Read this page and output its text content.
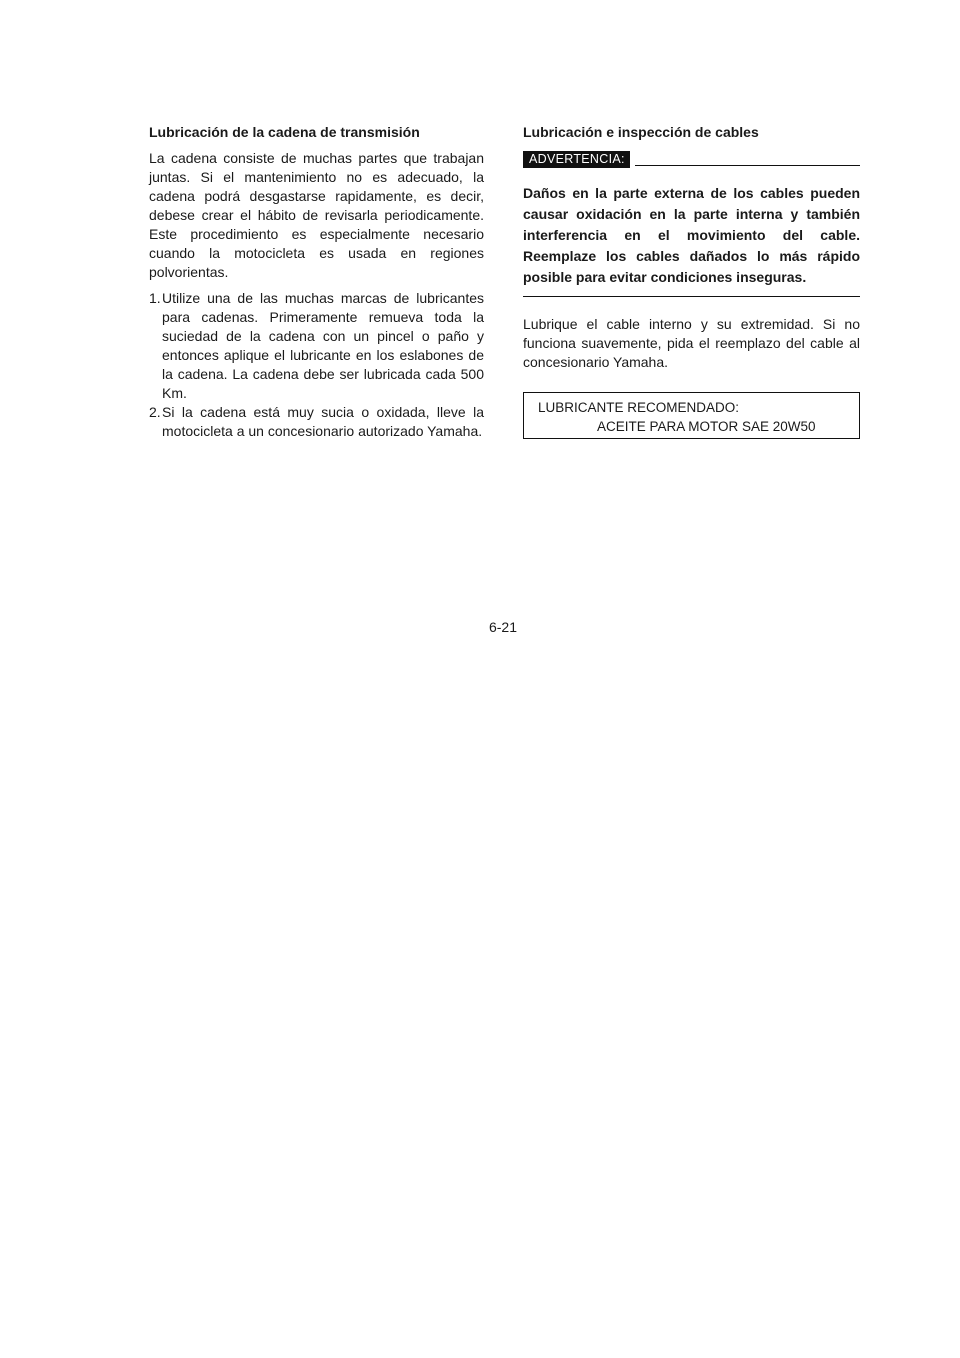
Lubricación de la cadena de transmisión

La cadena consiste de muchas partes que trabajan juntas. Si el mantenimiento no es adecuado, la cadena podrá desgastarse rapidamente, es decir, debese crear el hábito de revisarla periodicamente. Este procedimiento es especialmente necesario cuando la motocicleta es usada en regiones polvorientas.

1. Utilize una de las muchas marcas de lubricantes para cadenas. Primeramente remueva toda la suciedad de la cadena con un pincel o paño y entonces aplique el lubricante en los eslabones de la cadena. La cadena debe ser lubricada cada 500 Km.
2. Si la cadena está muy sucia o oxidada, lleve la motocicleta a un concesionario autorizado Yamaha.
Lubricación e inspección de cables
ADVERTENCIA:

Daños en la parte externa de los cables pueden causar oxidación en la parte interna y también interferencia en el movimiento del cable. Reemplaze los cables dañados lo más rápido posible para evitar condiciones inseguras.

Lubrique el cable interno y su extremidad. Si no funciona suavemente, pida el reemplazo del cable al concesionario Yamaha.

LUBRICANTE RECOMENDADO:
ACEITE PARA MOTOR SAE 20W50
6-21
